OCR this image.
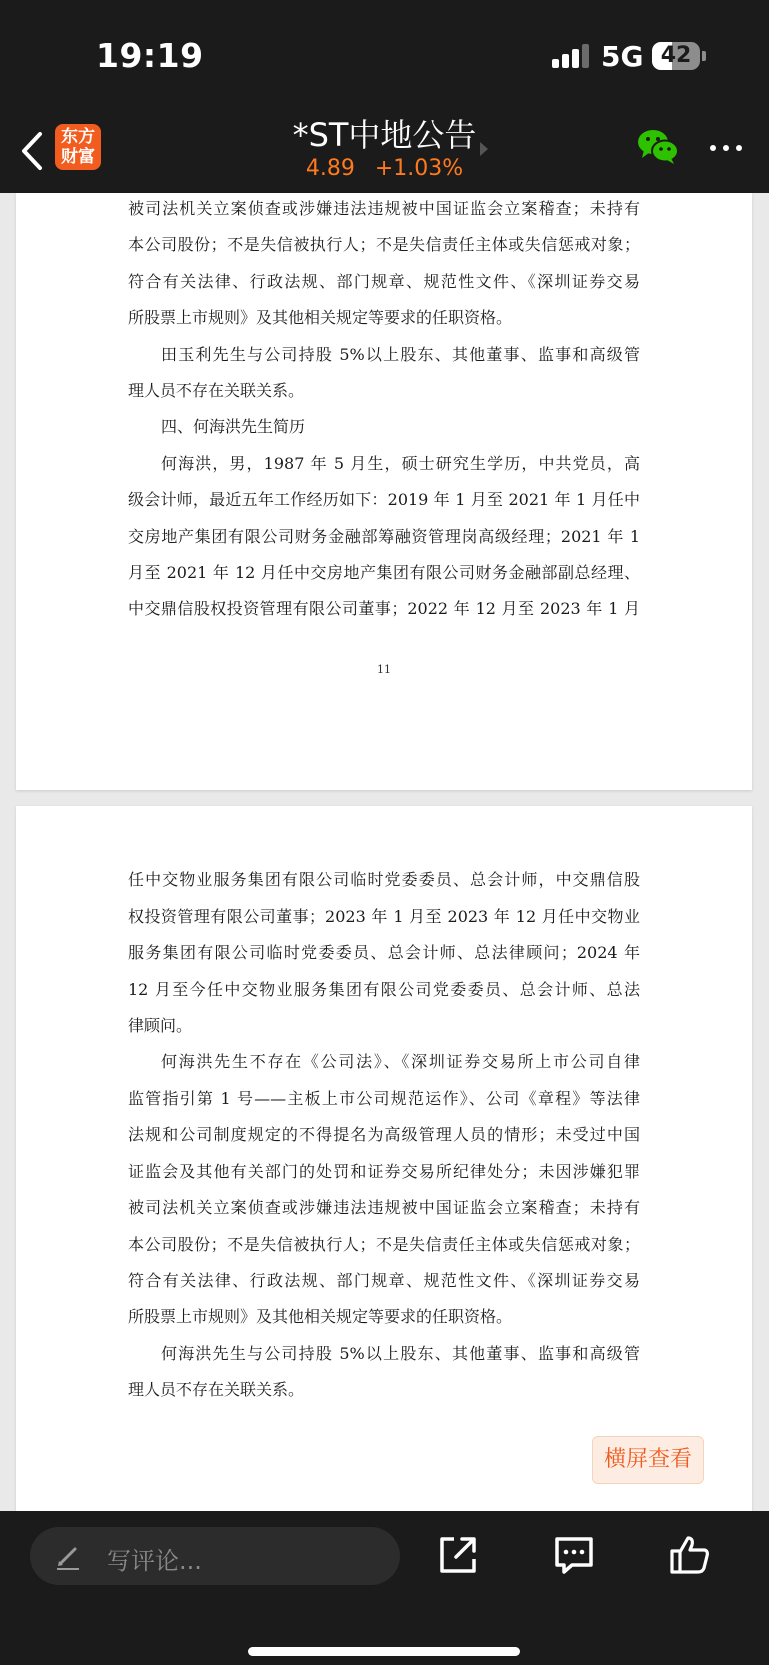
19:19	5G 42
东方
财富
*ST中地公告
4.89 +1.03%
被司法机关立案侦查或涉嫌违法违规被中国证监会立案稽查；未持有
本公司股份；不是失信被执行人；不是失信责任主体或失信惩戒对象；
符合有关法律、行政法规、部门规章、规范性文件、《深圳证券交易
所股票上市规则》及其他相关规定等要求的任职资格。
田玉利先生与公司持股 5%以上股东、其他董事、监事和高级管
理人员不存在关联关系。
四、何海洪先生简历
何海洪，男，1987 年 5 月生，硕士研究生学历，中共党员，高
级会计师，最近五年工作经历如下：2019 年 1 月至 2021 年 1 月任中
交房地产集团有限公司财务金融部筹融资管理岗高级经理；2021 年 1
月至 2021 年 12 月任中交房地产集团有限公司财务金融部副总经理、
中交鼎信股权投资管理有限公司董事；2022 年 12 月至 2023 年 1 月
11
任中交物业服务集团有限公司临时党委委员、总会计师，中交鼎信股
权投资管理有限公司董事；2023 年 1 月至 2023 年 12 月任中交物业
服务集团有限公司临时党委委员、总会计师、总法律顾问；2024 年
12 月至今任中交物业服务集团有限公司党委委员、总会计师、总法
律顾问。
何海洪先生不存在《公司法》、《深圳证券交易所上市公司自律
监管指引第 1 号——主板上市公司规范运作》、公司《章程》等法律
法规和公司制度规定的不得提名为高级管理人员的情形；未受过中国
证监会及其他有关部门的处罚和证券交易所纪律处分；未因涉嫌犯罪
被司法机关立案侦查或涉嫌违法违规被中国证监会立案稽查；未持有
本公司股份；不是失信被执行人；不是失信责任主体或失信惩戒对象；
符合有关法律、行政法规、部门规章、规范性文件、《深圳证券交易
所股票上市规则》及其他相关规定等要求的任职资格。
何海洪先生与公司持股 5%以上股东、其他董事、监事和高级管
理人员不存在关联关系。
横屏查看
写评论...
